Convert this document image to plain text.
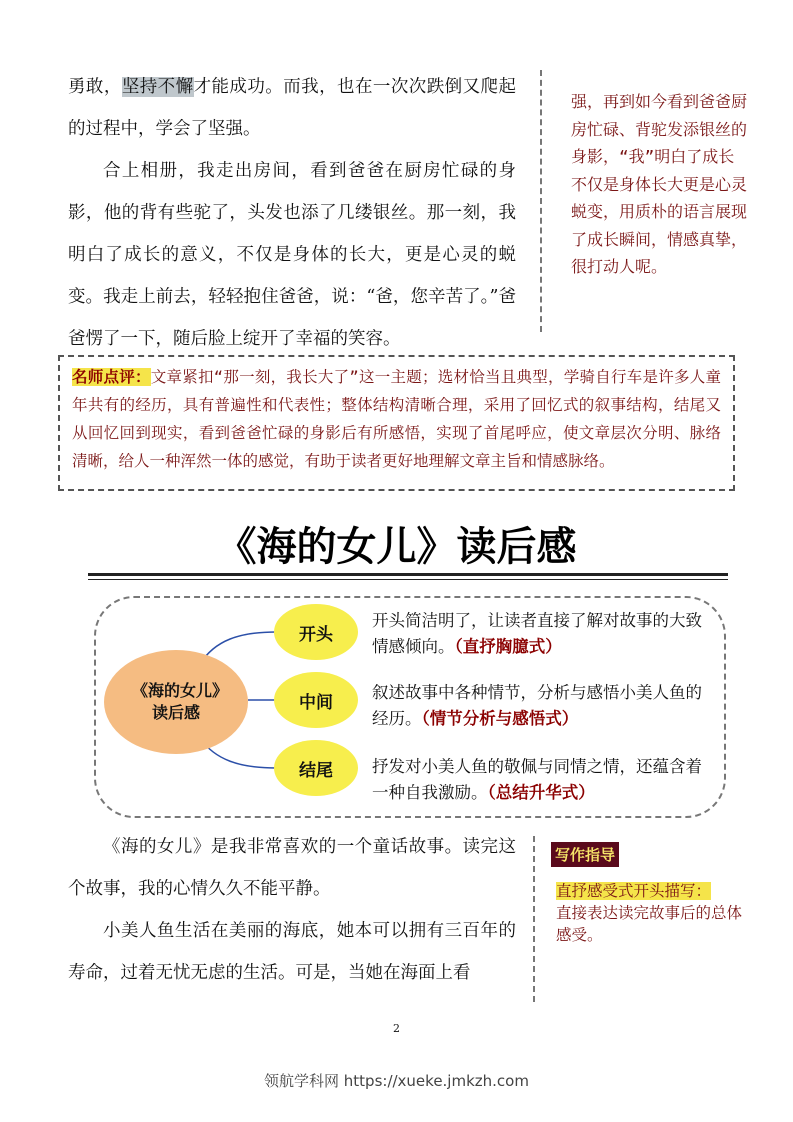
勇敢，坚持不懈才能成功。而我，也在一次次跌倒又爬起的过程中，学会了坚强。

合上相册，我走出房间，看到爸爸在厨房忙碌的身影，他的背有些驼了，头发也添了几缕银丝。那一刻，我明白了成长的意义，不仅是身体的长大，更是心灵的蜕变。我走上前去，轻轻抱住爸爸，说：“爸，您辛苦了。”爸爸愣了一下，随后脸上绽开了幸福的笑容。

强，再到如今看到爸爸厨房忙碌、背驼发添银丝的身影，“我”明白了成长不仅是身体长大更是心灵蜕变，用质朴的语言展现了成长瞬间，情感真挚，很打动人呢。
名师点评：文章紧扣“那一刻，我长大了”这一主题；选材恰当且典型，学骑自行车是许多人童年共有的经历，具有普遍性和代表性；整体结构清晰合理，采用了回忆式的叙事结构，结尾又从回忆回到现实，看到爸爸忙碌的身影后有所感悟，实现了首尾呼应，使文章层次分明、脉络清晰，给人一种浑然一体的感觉，有助于读者更好地理解文章主旨和情感脉络。
《海的女儿》读后感
《海的女儿》读后感
开头
开头简洁明了，让读者直接了解对故事的大致情感倾向。（直抒胸臆式）
中间 叙述故事中各种情节，分析与感悟小美人鱼的经历。（情节分析与感悟式）
结尾 抒发对小美人鱼的敬佩与同情之情，还蕴含着一种自我激励。（总结升华式）

《海的女儿》是我非常喜欢的一个童话故事。读完这个故事，我的心情久久不能平静。

小美人鱼生活在美丽的海底，她本可以拥有三百年的寿命，过着无忧无虑的生活。可是，当她在海面上看

写作指导
直抒感受式开头描写：
直接表达读完故事后的总体感受。
2
领航学科网 https://xueke.jmkzh.com
